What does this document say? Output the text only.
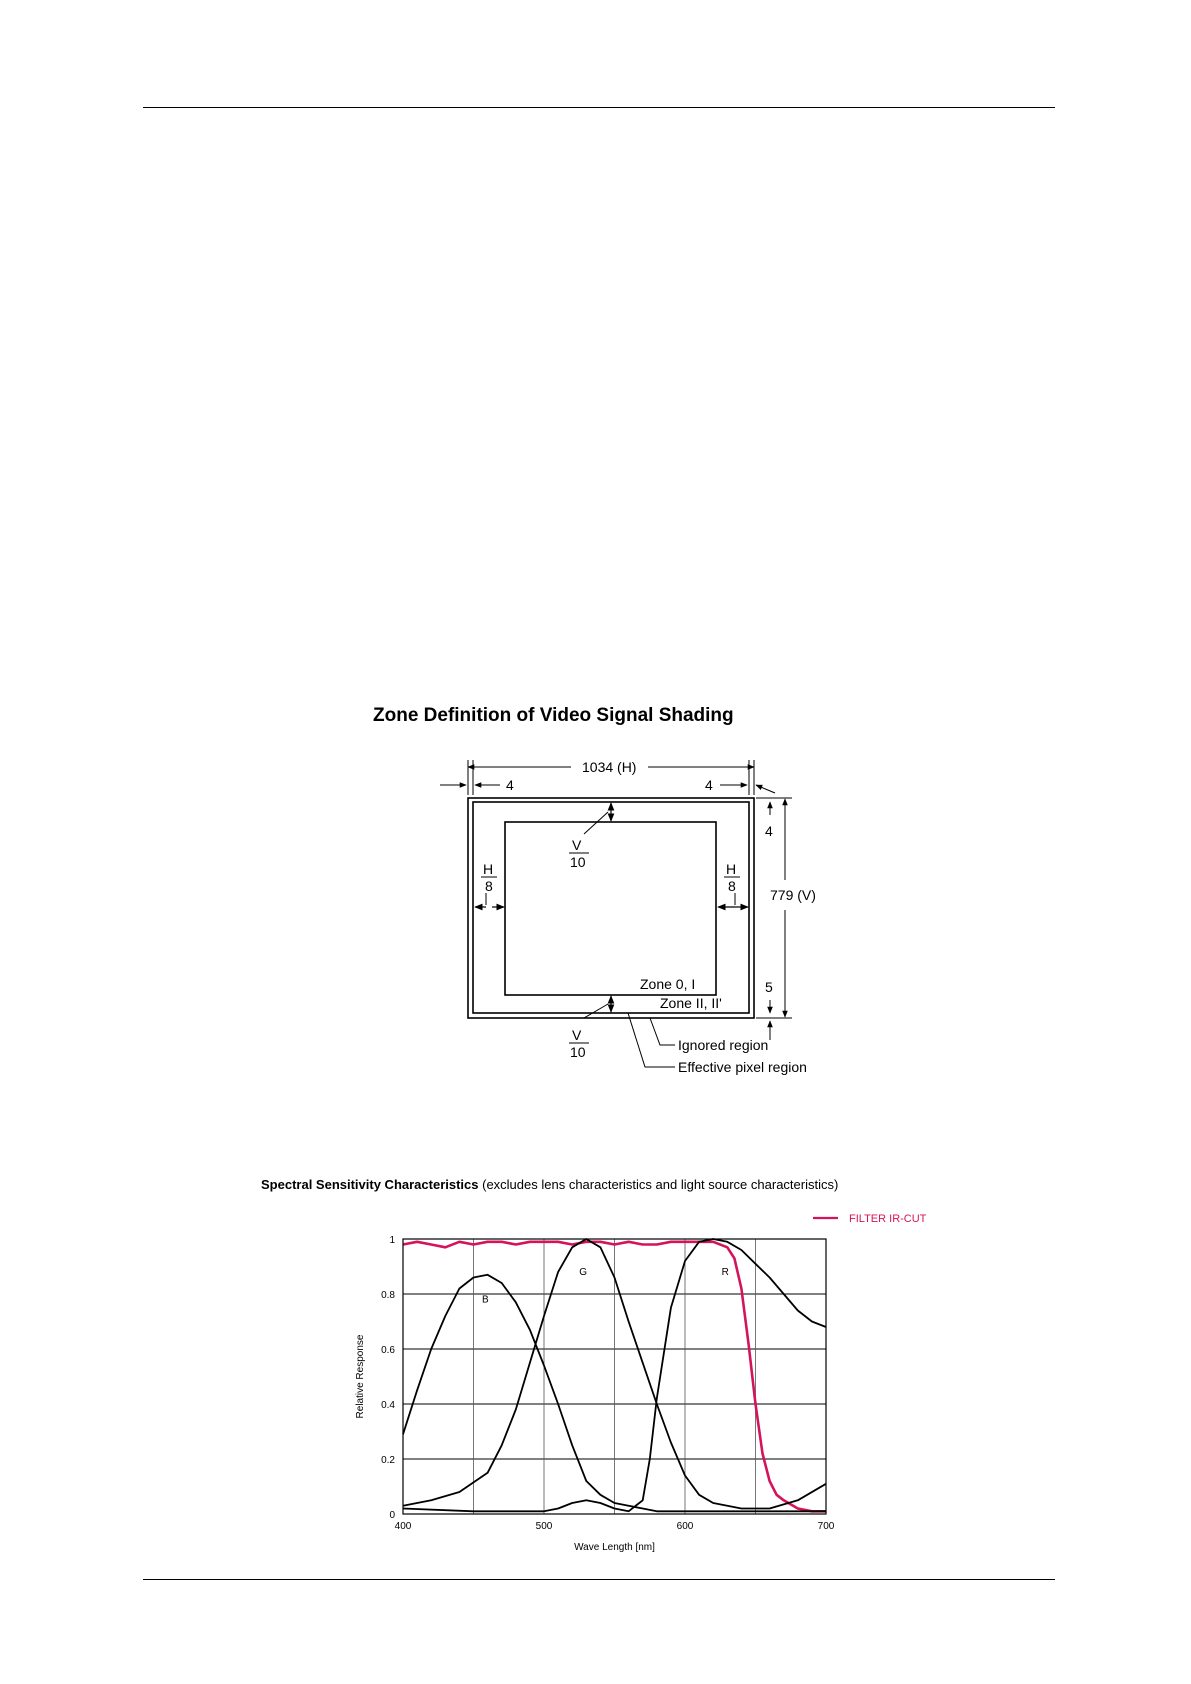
Zone Definition of Video Signal Shading
1034 (H)
4	4
779 (V)
4
5
V
10
H
8
H
8
V
10
Zone 0, I
Zone II, II'
Ignored region
Effective pixel region

Spectral Sensitivity Characteristics (excludes lens characteristics and light source characteristics)

0
0.2
0.4
0.6
0.8
1
400	500	600	700
Wave Length [nm]
Relative Response
FILTER IR-CUT
B
G	R
